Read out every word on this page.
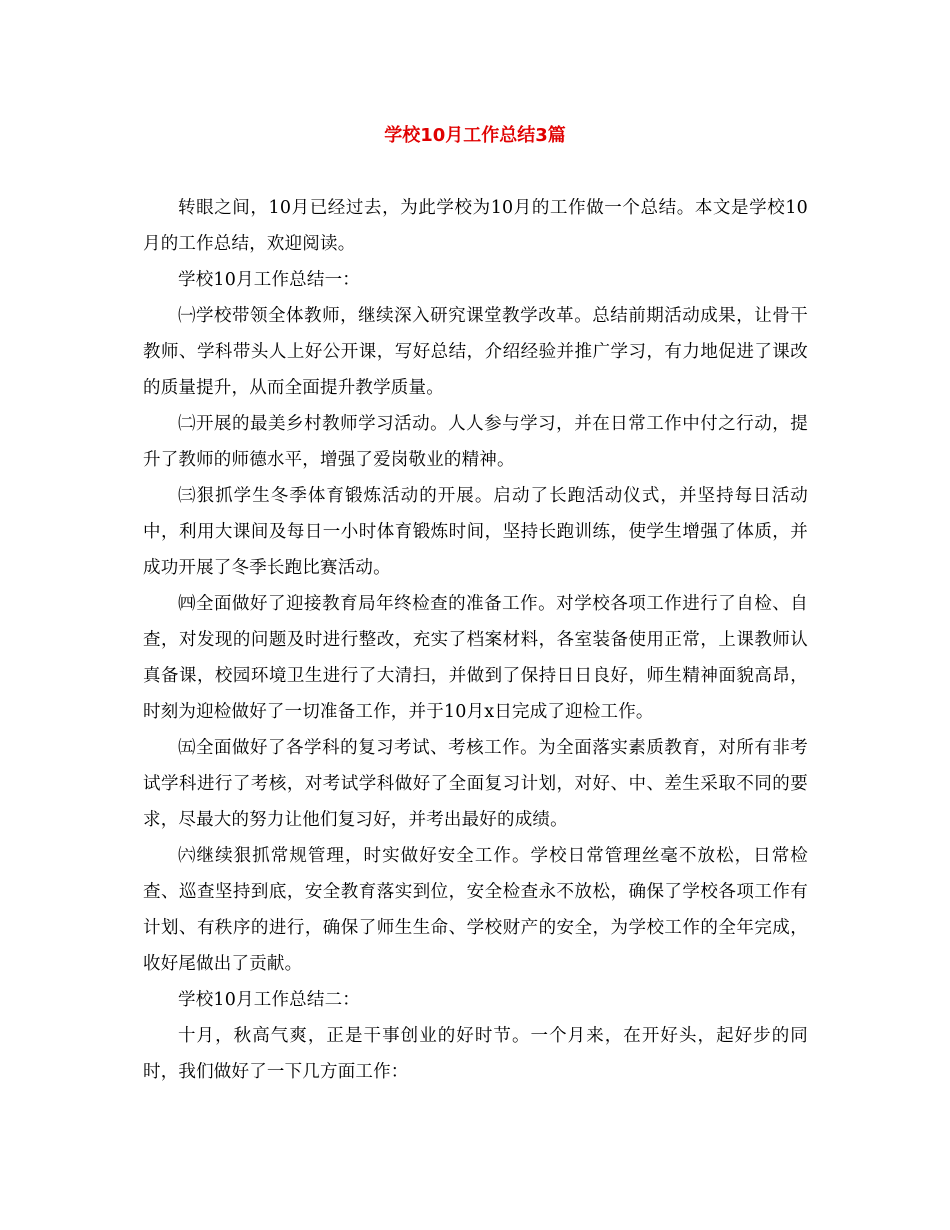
学校10月工作总结3篇

转眼之间，10月已经过去，为此学校为10月的工作做一个总结。本文是学校10月的工作总结，欢迎阅读。

学校10月工作总结一：

㈠学校带领全体教师，继续深入研究课堂教学改革。总结前期活动成果，让骨干教师、学科带头人上好公开课，写好总结，介绍经验并推广学习，有力地促进了课改的质量提升，从而全面提升教学质量。

㈡开展的最美乡村教师学习活动。人人参与学习，并在日常工作中付之行动，提升了教师的师德水平，增强了爱岗敬业的精神。

㈢狠抓学生冬季体育锻炼活动的开展。启动了长跑活动仪式，并坚持每日活动中，利用大课间及每日一小时体育锻炼时间，坚持长跑训练，使学生增强了体质，并成功开展了冬季长跑比赛活动。

㈣全面做好了迎接教育局年终检查的准备工作。对学校各项工作进行了自检、自查，对发现的问题及时进行整改，充实了档案材料，各室装备使用正常，上课教师认真备课，校园环境卫生进行了大清扫，并做到了保持日日良好，师生精神面貌高昂，时刻为迎检做好了一切准备工作，并于10月x日完成了迎检工作。

㈤全面做好了各学科的复习考试、考核工作。为全面落实素质教育，对所有非考试学科进行了考核，对考试学科做好了全面复习计划，对好、中、差生采取不同的要求，尽最大的努力让他们复习好，并考出最好的成绩。

㈥继续狠抓常规管理，时实做好安全工作。学校日常管理丝毫不放松，日常检查、巡查坚持到底，安全教育落实到位，安全检查永不放松，确保了学校各项工作有计划、有秩序的进行，确保了师生生命、学校财产的安全，为学校工作的全年完成，收好尾做出了贡献。

学校10月工作总结二：

十月，秋高气爽，正是干事创业的好时节。一个月来，在开好头，起好步的同时，我们做好了一下几方面工作：
